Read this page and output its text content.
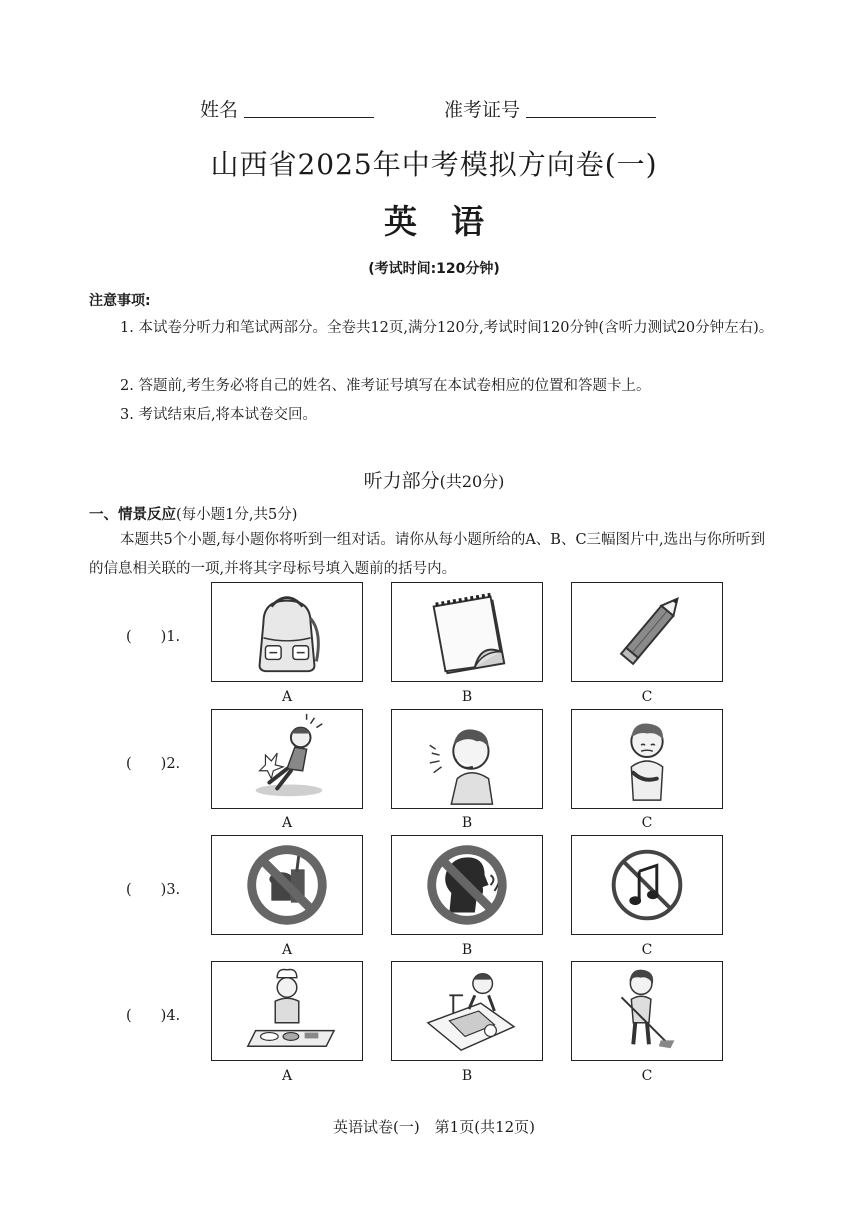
姓名	准考证号
山西省2025年中考模拟方向卷(一)
英语
(考试时间:120分钟)
注意事项:
1. 本试卷分听力和笔试两部分。全卷共12页,满分120分,考试时间120分钟(含听力测试20分钟左右)。
2. 答题前,考生务必将自己的姓名、准考证号填写在本试卷相应的位置和答题卡上。
3. 考试结束后,将本试卷交回。
听力部分(共20分)
一、情景反应(每小题1分,共5分)
本题共5个小题,每小题你将听到一组对话。请你从每小题所给的A、B、C三幅图片中,选出与你所听到的信息相关联的一项,并将其字母标号填入题前的括号内。
(　　)1.
A	B	C
(　　)2.
A	B	C
(　　)3.
A	B	C
(　　)4.
A	B	C
英语试卷(一)　第1页(共12页)
